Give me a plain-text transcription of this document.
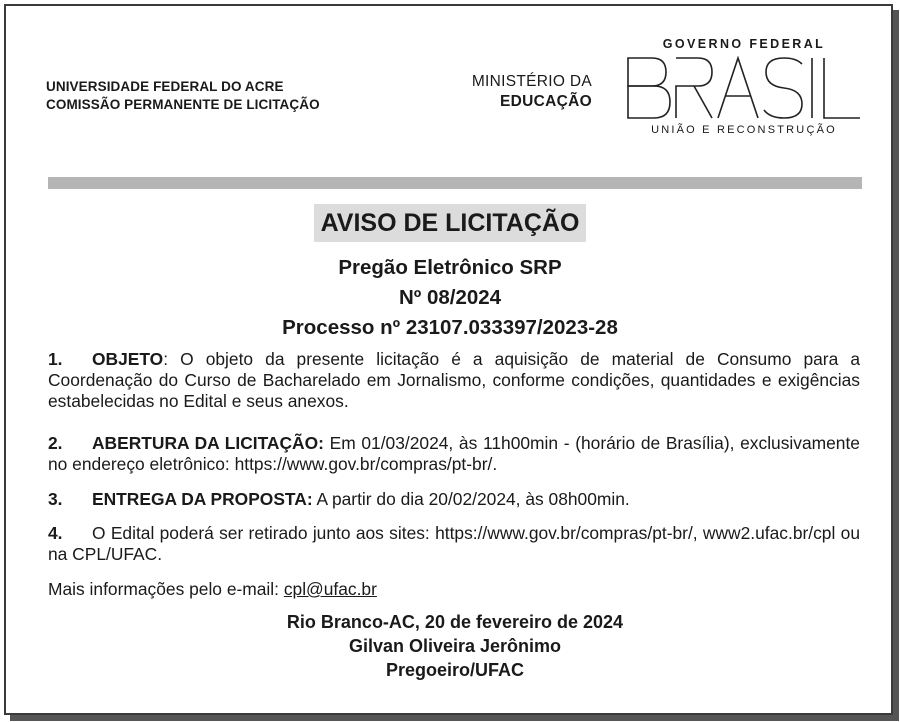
UNIVERSIDADE FEDERAL DO ACRE
COMISSÃO PERMANENTE DE LICITAÇÃO
MINISTÉRIO DA
EDUCAÇÃO
GOVERNO FEDERAL
UNIÃO E RECONSTRUÇÃO
AVISO DE LICITAÇÃO
Pregão Eletrônico SRP
Nº 08/2024
Processo nº 23107.033397/2023-28
1. OBJETO: O objeto da presente licitação é a aquisição de material de Consumo para a Coordenação do Curso de Bacharelado em Jornalismo, conforme condições, quantidades e exigências estabelecidas no Edital e seus anexos.
2. ABERTURA DA LICITAÇÃO: Em 01/03/2024, às 11h00min - (horário de Brasília), exclusivamente no endereço eletrônico: https://www.gov.br/compras/pt-br/.
3. ENTREGA DA PROPOSTA: A partir do dia 20/02/2024, às 08h00min.
4. O Edital poderá ser retirado junto aos sites: https://www.gov.br/compras/pt-br/, www2.ufac.br/cpl ou na CPL/UFAC.
Mais informações pelo e-mail: cpl@ufac.br
Rio Branco-AC, 20 de fevereiro de 2024
Gilvan Oliveira Jerônimo
Pregoeiro/UFAC
